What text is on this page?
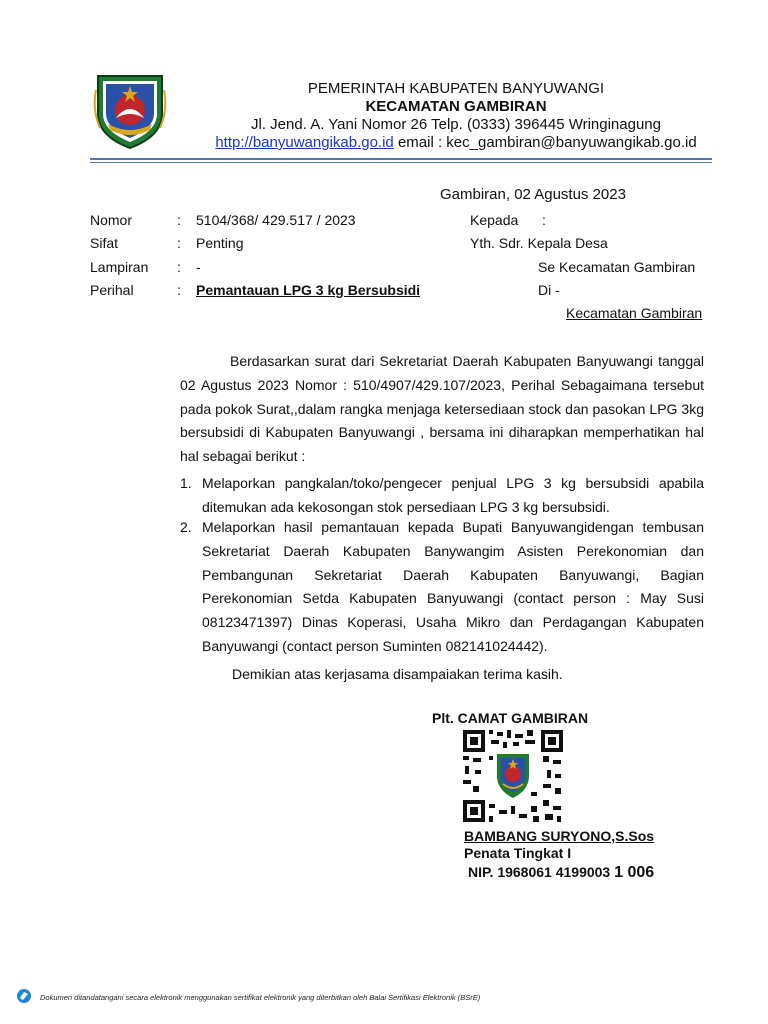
PEMERINTAH KABUPATEN BANYUWANGI
KECAMATAN GAMBIRAN
Jl. Jend. A. Yani Nomor 26 Telp. (0333) 396445 Wringinagung
http://banyuwangikab.go.id email : kec_gambiran@banyuwangikab.go.id
Gambiran, 02 Agustus 2023
Nomor	: 5104/368/ 429.517 / 2023
Sifat	: Penting
Lampiran : -
Perihal	: Pemantauan LPG 3 kg Bersubsidi
Kepada :
Yth. Sdr. Kepala Desa
Se Kecamatan Gambiran
Di -
Kecamatan Gambiran
Berdasarkan surat dari Sekretariat Daerah Kabupaten Banyuwangi tanggal 02 Agustus 2023 Nomor : 510/4907/429.107/2023, Perihal Sebagaimana tersebut pada pokok Surat,,dalam rangka menjaga ketersediaan stock dan pasokan LPG 3kg bersubsidi di Kabupaten Banyuwangi , bersama ini diharapkan memperhatikan hal hal sebagai berikut :
1. Melaporkan pangkalan/toko/pengecer penjual LPG 3 kg bersubsidi apabila ditemukan ada kekosongan stok persediaan LPG 3 kg bersubsidi.
2. Melaporkan hasil pemantauan kepada Bupati Banyuwangidengan tembusan Sekretariat Daerah Kabupaten Banywangim Asisten Perekonomian dan Pembangunan Sekretariat Daerah Kabupaten Banyuwangi, Bagian Perekonomian Setda Kabupaten Banyuwangi (contact person : May Susi 08123471397) Dinas Koperasi, Usaha Mikro dan Perdagangan Kabupaten Banyuwangi (contact person Suminten 082141024442).
Demikian atas kerjasama disampaiakan terima kasih.
Plt. CAMAT GAMBIRAN
BAMBANG SURYONO,S.Sos
Penata Tingkat I
NIP. 1968061 4199003 1 006
Dokumen ditandatangani secara elektronik menggunakan sertifikat elektronik yang diterbitkan oleh Balai Sertifikasi Elektronik (BSrE)
